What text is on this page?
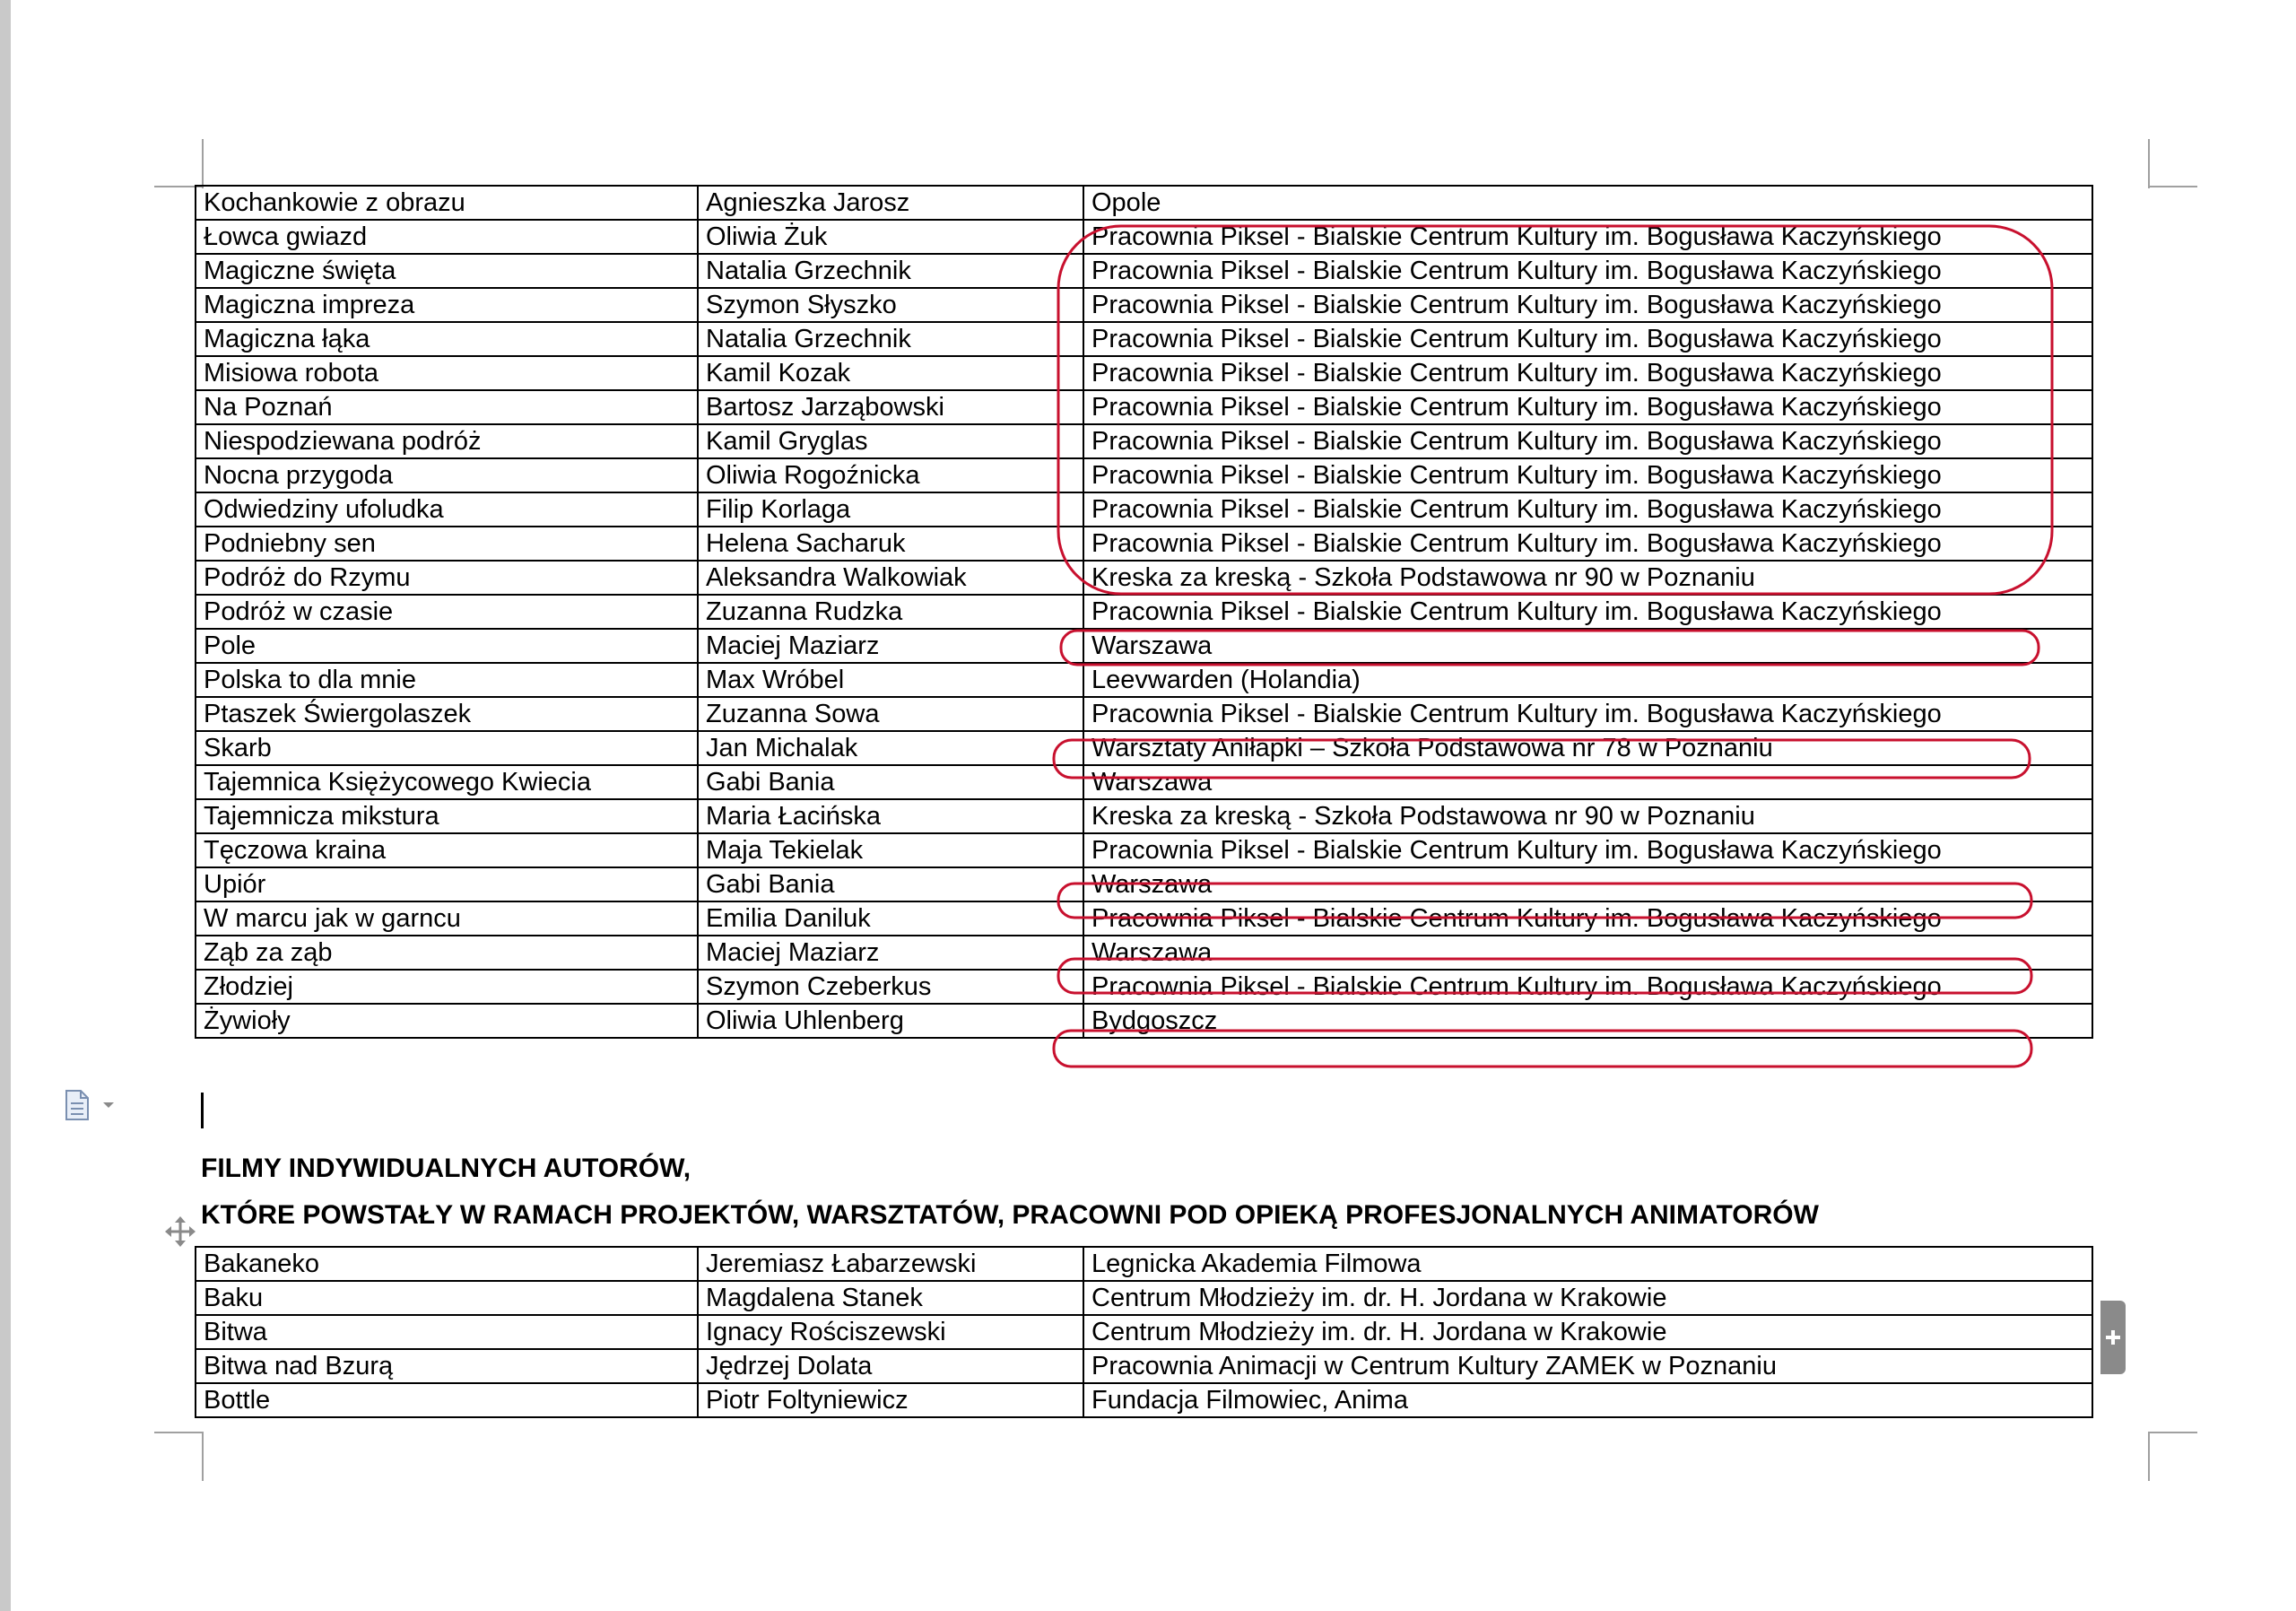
Kochankowie z obrazu	Agnieszka Jarosz	Opole
Łowca gwiazd	Oliwia Żuk	Pracownia Piksel - Bialskie Centrum Kultury im. Bogusława Kaczyńskiego
Magiczne święta	Natalia Grzechnik	Pracownia Piksel - Bialskie Centrum Kultury im. Bogusława Kaczyńskiego
Magiczna impreza	Szymon Słyszko	Pracownia Piksel - Bialskie Centrum Kultury im. Bogusława Kaczyńskiego
Magiczna łąka	Natalia Grzechnik	Pracownia Piksel - Bialskie Centrum Kultury im. Bogusława Kaczyńskiego
Misiowa robota	Kamil Kozak	Pracownia Piksel - Bialskie Centrum Kultury im. Bogusława Kaczyńskiego
Na Poznań	Bartosz Jarząbowski	Pracownia Piksel - Bialskie Centrum Kultury im. Bogusława Kaczyńskiego
Niespodziewana podróż	Kamil Gryglas	Pracownia Piksel - Bialskie Centrum Kultury im. Bogusława Kaczyńskiego
Nocna przygoda	Oliwia Rogoźnicka	Pracownia Piksel - Bialskie Centrum Kultury im. Bogusława Kaczyńskiego
Odwiedziny ufoludka	Filip Korlaga	Pracownia Piksel - Bialskie Centrum Kultury im. Bogusława Kaczyńskiego
Podniebny sen	Helena Sacharuk	Pracownia Piksel - Bialskie Centrum Kultury im. Bogusława Kaczyńskiego
Podróż do Rzymu	Aleksandra Walkowiak	Kreska za kreską - Szkoła Podstawowa nr 90 w Poznaniu
Podróż w czasie	Zuzanna Rudzka	Pracownia Piksel - Bialskie Centrum Kultury im. Bogusława Kaczyńskiego
Pole	Maciej Maziarz	Warszawa
Polska to dla mnie	Max Wróbel	Leevwarden (Holandia)
Ptaszek Świergolaszek	Zuzanna Sowa	Pracownia Piksel - Bialskie Centrum Kultury im. Bogusława Kaczyńskiego
Skarb	Jan Michalak	Warsztaty Aniłapki – Szkoła Podstawowa nr 78 w Poznaniu
Tajemnica Księżycowego Kwiecia	Gabi Bania	Warszawa
Tajemnicza mikstura	Maria Łacińska	Kreska za kreską - Szkoła Podstawowa nr 90 w Poznaniu
Tęczowa kraina	Maja Tekielak	Pracownia Piksel - Bialskie Centrum Kultury im. Bogusława Kaczyńskiego
Upiór	Gabi Bania	Warszawa
W marcu jak w garncu	Emilia Daniluk	Pracownia Piksel - Bialskie Centrum Kultury im. Bogusława Kaczyńskiego
Ząb za ząb	Maciej Maziarz	Warszawa
Złodziej	Szymon Czeberkus	Pracownia Piksel - Bialskie Centrum Kultury im. Bogusława Kaczyńskiego
Żywioły	Oliwia Uhlenberg	Bydgoszcz
FILMY INDYWIDUALNYCH AUTORÓW,
KTÓRE POWSTAŁY W RAMACH PROJEKTÓW, WARSZTATÓW, PRACOWNI POD OPIEKĄ PROFESJONALNYCH ANIMATORÓW
Bakaneko	Jeremiasz Łabarzewski	Legnicka Akademia Filmowa
Baku	Magdalena Stanek	Centrum Młodzieży im. dr. H. Jordana w Krakowie
Bitwa	Ignacy Rościszewski	Centrum Młodzieży im. dr. H. Jordana w Krakowie
Bitwa nad Bzurą	Jędrzej Dolata	Pracownia Animacji w Centrum Kultury ZAMEK w Poznaniu
Bottle	Piotr Foltyniewicz	Fundacja Filmowiec, Anima
